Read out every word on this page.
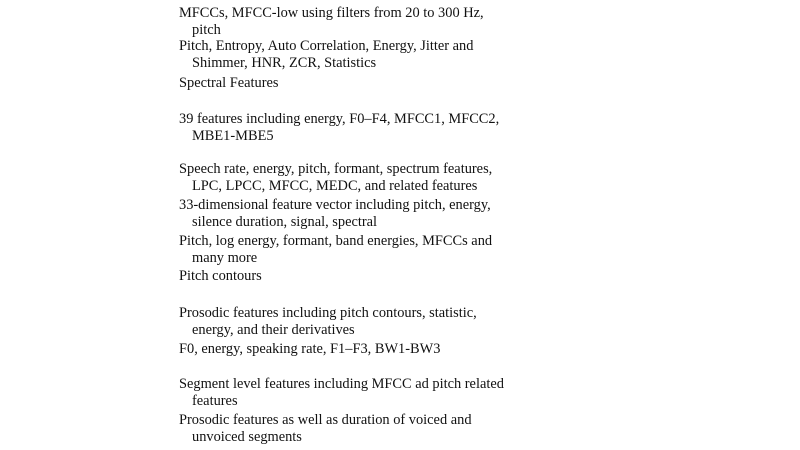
MFCCs, MFCC-low using filters from 20 to 300 Hz,
pitch

Pitch, Entropy, Auto Correlation, Energy, Jitter and
Shimmer, HNR, ZCR, Statistics

Spectral Features

39 features including energy, F0–F4, MFCC1, MFCC2,
MBE1-MBE5

Speech rate, energy, pitch, formant, spectrum features,
LPC, LPCC, MFCC, MEDC, and related features

33-dimensional feature vector including pitch, energy,
silence duration, signal, spectral

Pitch, log energy, formant, band energies, MFCCs and
many more

Pitch contours

Prosodic features including pitch contours, statistic,
energy, and their derivatives

F0, energy, speaking rate, F1–F3, BW1-BW3

Segment level features including MFCC ad pitch related
features

Prosodic features as well as duration of voiced and
unvoiced segments
